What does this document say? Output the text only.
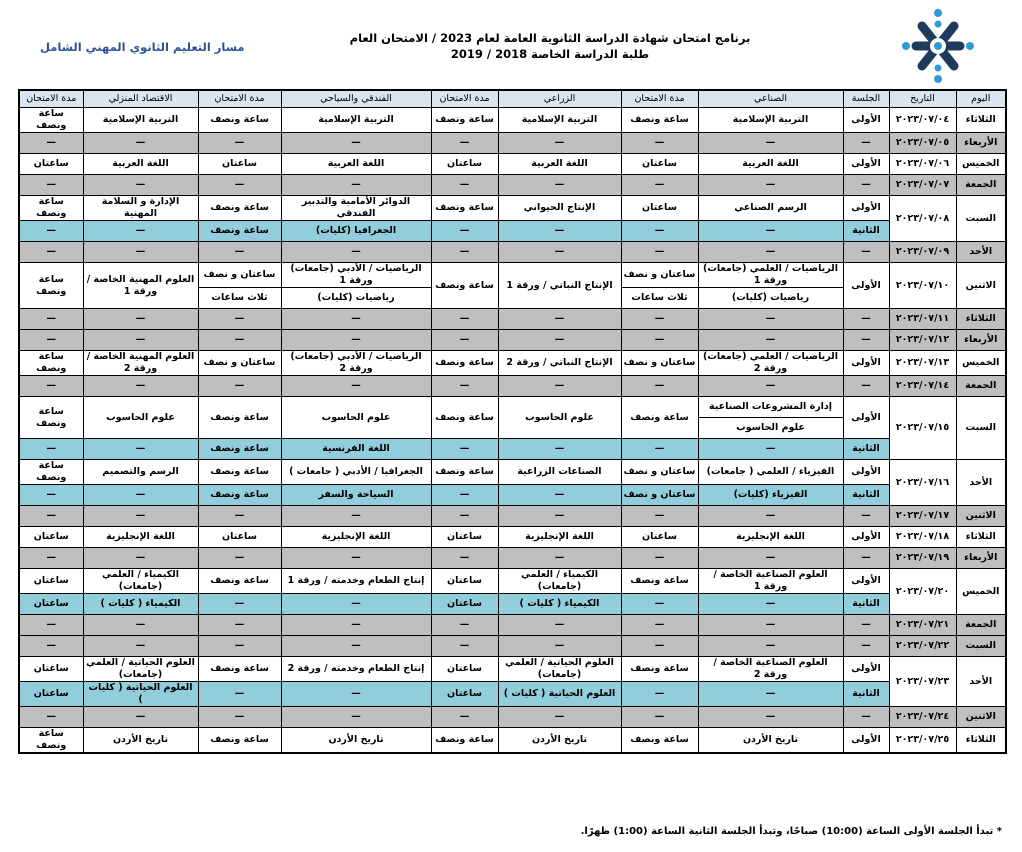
برنامج امتحان شهادة الدراسة الثانوية العامة لعام 2023 / الامتحان العام
طلبة الدراسة الخاصة 2018 / 2019
مسار التعليم الثانوي المهني الشامل
اليوم	التاريخ	الجلسة	الصناعي	مدة الامتحان	الزراعي	مدة الامتحان	الفندقي والسياحي	مدة الامتحان	الاقتصاد المنزلي	مدة الامتحان
الثلاثاء	٢٠٢٣/٠٧/٠٤	الأولى	التربية الإسلامية	ساعة ونصف	التربية الإسلامية	ساعة ونصف	التربية الإسلامية	ساعة ونصف	التربية الإسلامية	ساعة ونصف
الأربعاء	٢٠٢٣/٠٧/٠٥	—	—	—	—	—	—	—	—	—
الخميس	٢٠٢٣/٠٧/٠٦	الأولى	اللغة العربية	ساعتان	اللغة العربية	ساعتان	اللغة العربية	ساعتان	اللغة العربية	ساعتان
الجمعة	٢٠٢٣/٠٧/٠٧	—	—	—	—	—	—	—	—	—
السبت	٢٠٢٣/٠٧/٠٨	الأولى	الرسم الصناعي	ساعتان	الإنتاج الحيواني	ساعة ونصف	الدوائر الأمامية والتدبير الفندقي	ساعة ونصف	الإدارة و السلامة المهنية	ساعة ونصف
		الثانية	—	—	—	—	الجغرافيا (كليات)	ساعة ونصف	—	—
الأحد	٢٠٢٣/٠٧/٠٩	—	—	—	—	—	—	—	—	—
الاثنين	٢٠٢٣/٠٧/١٠	الأولى	الرياضيات / العلمي (جامعات) ورقة 1	ساعتان و نصف	الإنتاج النباتي / ورقة 1	ساعة ونصف	الرياضيات / الأدبي (جامعات) ورقة 1	ساعتان و نصف	العلوم المهنية الخاصة / ورقة 1	ساعة ونصف
			رياضيات (كليات)	ثلاث ساعات			رياضيات (كليات)	ثلاث ساعات		
الثلاثاء	٢٠٢٣/٠٧/١١	—	—	—	—	—	—	—	—	—
الأربعاء	٢٠٢٣/٠٧/١٢	—	—	—	—	—	—	—	—	—
الخميس	٢٠٢٣/٠٧/١٣	الأولى	الرياضيات / العلمي (جامعات) ورقة 2	ساعتان و نصف	الإنتاج النباتي / ورقة 2	ساعة ونصف	الرياضيات / الأدبي (جامعات) ورقة 2	ساعتان و نصف	العلوم المهنية الخاصة / ورقة 2	ساعة ونصف
الجمعة	٢٠٢٣/٠٧/١٤	—	—	—	—	—	—	—	—	—
السبت	٢٠٢٣/٠٧/١٥	الأولى	إدارة المشروعات الصناعية	ساعة ونصف	علوم الحاسوب	ساعة ونصف	علوم الحاسوب	ساعة ونصف	علوم الحاسوب	ساعة ونصف
			علوم الحاسوب							
		الثانية	—	—	—	—	اللغة الفرنسية	ساعة ونصف	—	—
الأحد	٢٠٢٣/٠٧/١٦	الأولى	الفيزياء / العلمي ( جامعات)	ساعتان و نصف	الصناعات الزراعية	ساعة ونصف	الجغرافيا / الأدبي ( جامعات )	ساعة ونصف	الرسم والتصميم	ساعة ونصف
		الثانية	الفيزياء (كليات)	ساعتان و نصف	—	—	السياحة والسفر	ساعة ونصف	—	—
الاثنين	٢٠٢٣/٠٧/١٧	—	—	—	—	—	—	—	—	—
الثلاثاء	٢٠٢٣/٠٧/١٨	الأولى	اللغة الإنجليزية	ساعتان	اللغة الإنجليزية	ساعتان	اللغة الإنجليزية	ساعتان	اللغة الإنجليزية	ساعتان
الأربعاء	٢٠٢٣/٠٧/١٩	—	—	—	—	—	—	—	—	—
الخميس	٢٠٢٣/٠٧/٢٠	الأولى	العلوم الصناعية الخاصة / ورقة 1	ساعة ونصف	الكيمياء / العلمي (جامعات)	ساعتان	إنتاج الطعام وخدمته / ورقة 1	ساعة ونصف	الكيمياء / العلمي (جامعات)	ساعتان
		الثانية	—	—	الكيمياء ( كليات )	ساعتان	—	—	الكيمياء ( كليات )	ساعتان
الجمعة	٢٠٢٣/٠٧/٢١	—	—	—	—	—	—	—	—	—
السبت	٢٠٢٣/٠٧/٢٢	—	—	—	—	—	—	—	—	—
الأحد	٢٠٢٣/٠٧/٢٣	الأولى	العلوم الصناعية الخاصة / ورقة 2	ساعة ونصف	العلوم الحياتية / العلمي (جامعات)	ساعتان	إنتاج الطعام وخدمته / ورقة 2	ساعة ونصف	العلوم الحياتية / العلمي (جامعات)	ساعتان
		الثانية	—	—	العلوم الحياتية ( كليات )	ساعتان	—	—	العلوم الحياتية ( كليات )	ساعتان
الاثنين	٢٠٢٣/٠٧/٢٤	—	—	—	—	—	—	—	—	—
الثلاثاء	٢٠٢٣/٠٧/٢٥	الأولى	تاريخ الأردن	ساعة ونصف	تاريخ الأردن	ساعة ونصف	تاريخ الأردن	ساعة ونصف	تاريخ الأردن	ساعة ونصف
* تبدأ الجلسة الأولى الساعة (10:00) صباحًا، وتبدأ الجلسة الثانية الساعة (1:00) ظهرًا.
